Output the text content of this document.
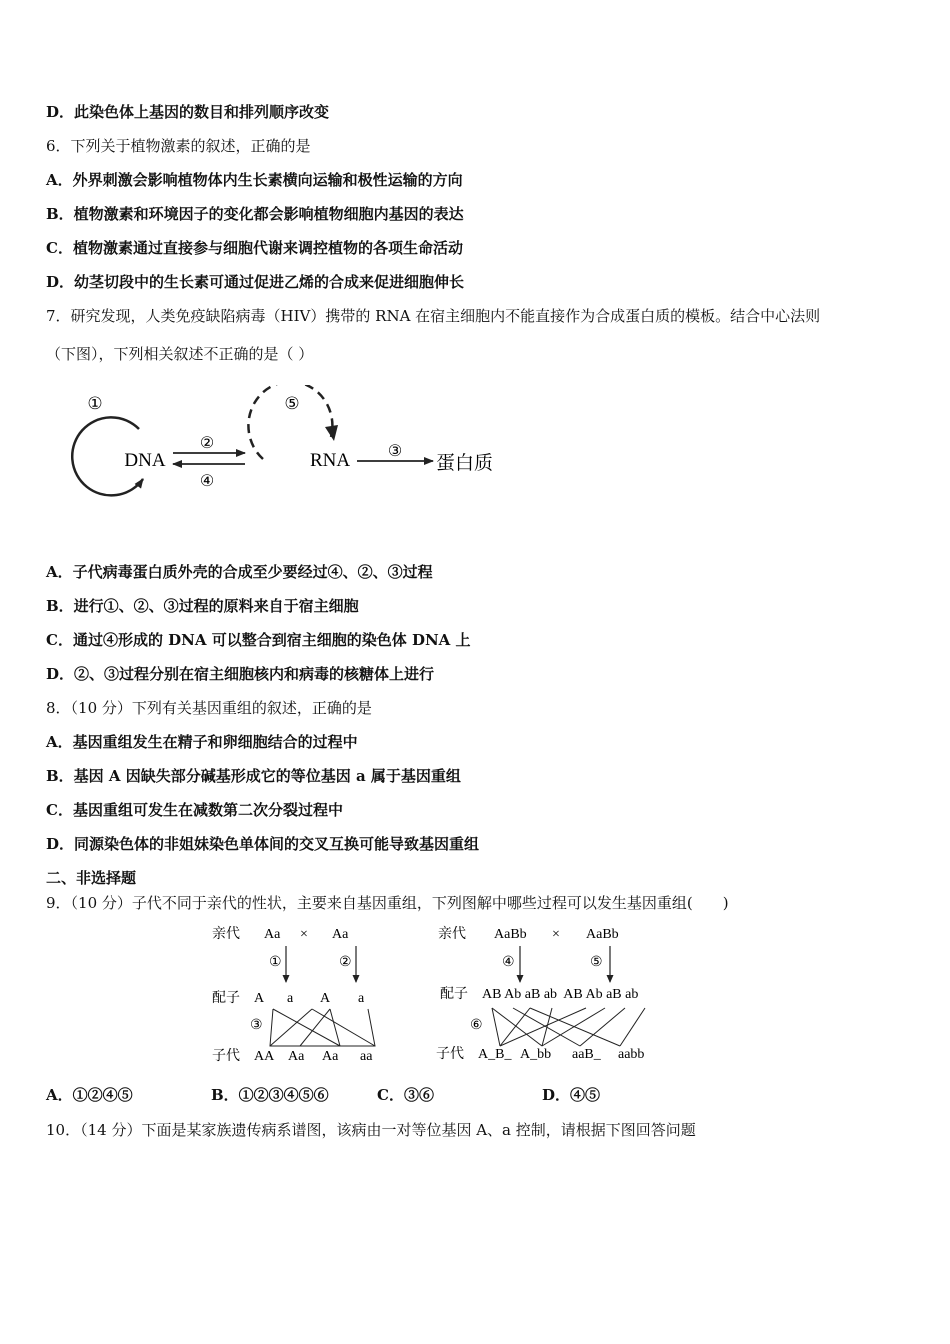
D．此染色体上基因的数目和排列顺序改变
6．下列关于植物激素的叙述，正确的是
A．外界刺激会影响植物体内生长素横向运输和极性运输的方向
B．植物激素和环境因子的变化都会影响植物细胞内基因的表达
C．植物激素通过直接参与细胞代谢来调控植物的各项生命活动
D．幼茎切段中的生长素可通过促进乙烯的合成来促进细胞伸长
7．研究发现，人类免疫缺陷病毒（HIV）携带的 RNA 在宿主细胞内不能直接作为合成蛋白质的模板。结合中心法则
（下图），下列相关叙述不正确的是（ ）
①
DNA
②
④
⑤
RNA ③
蛋白质
A．子代病毒蛋白质外壳的合成至少要经过④、②、③过程
B．进行①、②、③过程的原料来自于宿主细胞
C．通过④形成的 DNA 可以整合到宿主细胞的染色体 DNA 上
D．②、③过程分别在宿主细胞核内和病毒的核糖体上进行
8．（10 分）下列有关基因重组的叙述，正确的是
A．基因重组发生在精子和卵细胞结合的过程中
B．基因 A 因缺失部分碱基形成它的等位基因 a 属于基因重组
C．基因重组可发生在减数第二次分裂过程中
D．同源染色体的非姐妹染色单体间的交叉互换可能导致基因重组
二、非选择题
9．（10 分）子代不同于亲代的性状，主要来自基因重组，下列图解中哪些过程可以发生基因重组(　　)
亲代 Aa × Aa
①	②
配子 A a A a
③
子代 AA Aa Aa aa
亲代 AaBb × AaBb
④	⑤
配子 AB Ab aB ab  AB Ab aB ab
⑥
子代 A_B_ A_bb aaB_ aabb
A．①②④⑤	B．①②③④⑤⑥	C．③⑥	D．④⑤
10．（14 分）下面是某家族遗传病系谱图，该病由一对等位基因 A、a 控制，请根据下图回答问题
